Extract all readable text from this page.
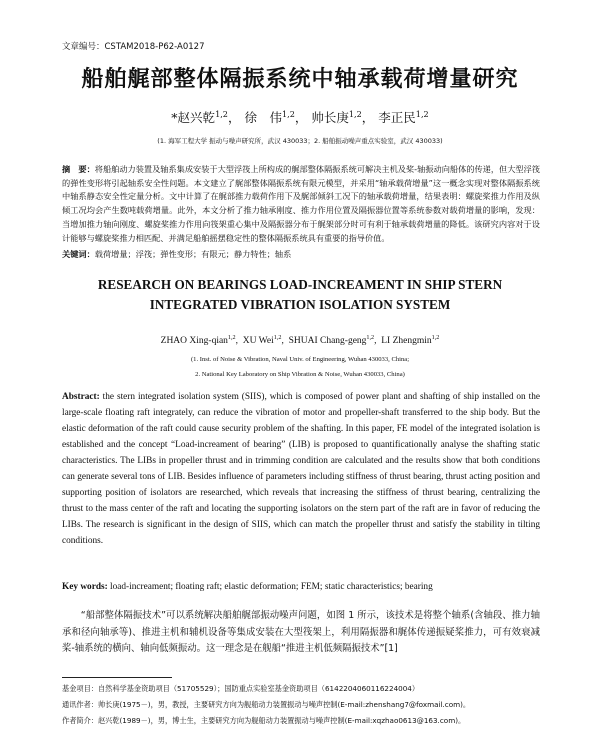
文章编号：CSTAM2018-P62-A0127
船舶艉部整体隔振系统中轴承载荷增量研究
*赵兴乾$^{1,2}$， 徐　伟$^{1,2}$， 帅长庚$^{1,2}$， 李正民$^{1,2}$
(1. 海军工程大学 振动与噪声研究所，武汉 430033；2. 船舶振动噪声重点实验室，武汉 430033)
摘　要：将船舶动力装置及轴系集成安装于大型浮筏上所构成的艉部整体隔振系统可解决主机及桨-轴振动向船体的传递，但大型浮筏的弹性变形将引起轴系安全性问题。本文建立了艉部整体隔振系统有限元模型，并采用“轴承载荷增量”这一概念实现对整体隔振系统中轴系静态安全性定量分析。文中计算了在艉部推力载荷作用下及艉部倾斜工况下的轴承载荷增量，结果表明：螺旋桨推力作用及纵倾工况均会产生数吨载荷增量。此外，本文分析了推力轴承刚度、推力作用位置及隔振器位置等系统参数对载荷增量的影响，发现：当增加推力轴向刚度、螺旋桨推力作用向筏架重心集中及隔振器分布于艉架部分时可有利于轴承载荷增量的降低。该研究内容对于设计能够与螺旋桨推力相匹配、并满足船舶摇摆稳定性的整体隔振系统具有重要的指导价值。
关键词：载荷增量；浮筏；弹性变形；有限元；静力特性；轴系
RESEARCH ON BEARINGS LOAD-INCREAMENT IN SHIP STERN
INTEGRATED VIBRATION ISOLATION SYSTEM
ZHAO Xing-qian$^{1,2}$,  XU Wei$^{1,2}$,  SHUAI Chang-geng$^{1,2}$,  LI Zhengmin$^{1,2}$
(1. Inst. of Noise & Vibration, Naval Univ. of Engineering, Wuhan 430033, China;
2. National Key Laboratory on Ship Vibration & Noise, Wuhan 430033, China)
Abstract: the stern integrated isolation system (SIIS), which is composed of power plant and shafting of ship installed on the large-scale floating raft integrately, can reduce the vibration of motor and propeller-shaft transferred to the ship body. But the elastic deformation of the raft could cause security problem of the shafting. In this paper, FE model of the integrated isolation is established and the concept “Load-increament of bearing” (LIB) is proposed to quantificationally analyse the shafting static characteristics. The LIBs in propeller thrust and in trimming condition are calculated and the results show that both conditions can generate several tons of LIB. Besides influence of parameters including stiffness of thrust bearing, thrust acting position and supporting position of isolators are researched, which reveals that increasing the stiffness of thrust bearing, centralizing the thrust to the mass center of the raft and locating the supporting isolators on the stern part of the raft are in favor of reducing the LIBs. The research is significant in the design of SIIS, which can match the propeller thrust and satisfy the stability in tilting conditions.
Key words: load-increament; floating raft; elastic deformation; FEM; static characteristics; bearing
“船部整体隔振技术”可以系统解决船舶艉部振动噪声问题，如图 1 所示，该技术是将整个轴系(含轴段、推力轴承和径向轴承等)、推进主机和辅机设备等集成安装在大型筏架上，利用隔振器和艉体传递振疑桨推力，可有效衰减桨-轴系统的横向、轴向低频振动。这一理念是在舰船“推进主机低频隔振技术”[1]
基金项目：自然科学基金资助项目（51705529）；国防重点实验室基金资助项目（6142204060116224004）
通讯作者：帅长庚(1975－)，男，教授，主要研究方向为舰船动力装置振动与噪声控制(E-mail:zhenshang7@foxmail.com)。
作者简介：赵兴乾(1989－)，男，博士生，主要研究方向为舰船动力装置振动与噪声控制(E-mail:xqzhao0613@163.com)。
